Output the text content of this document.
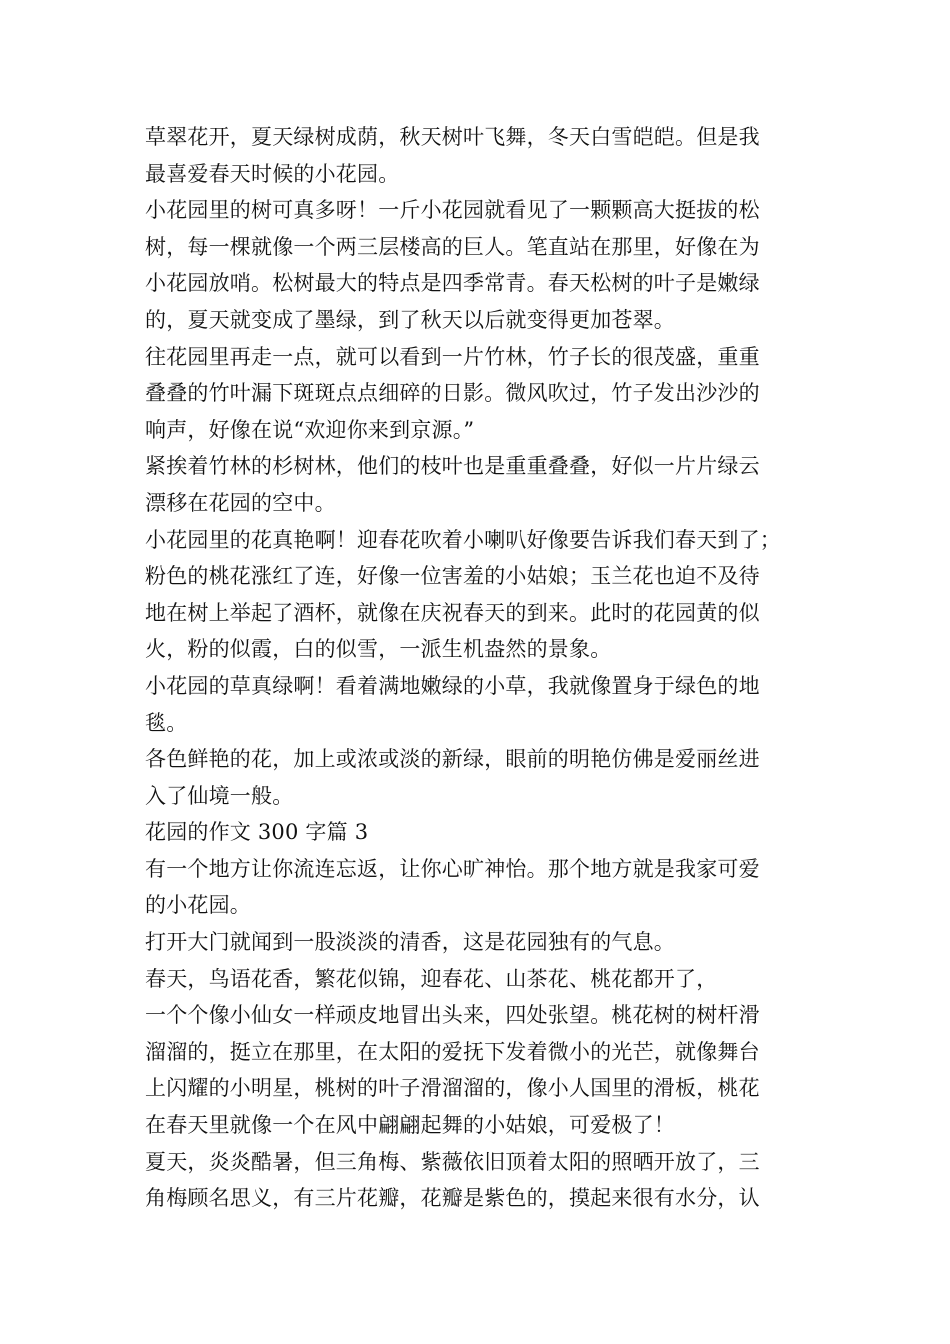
草翠花开，夏天绿树成荫，秋天树叶飞舞，冬天白雪皑皑。但是我
最喜爱春天时候的小花园。
小花园里的树可真多呀！一斤小花园就看见了一颗颗高大挺拔的松
树，每一棵就像一个两三层楼高的巨人。笔直站在那里，好像在为
小花园放哨。松树最大的特点是四季常青。春天松树的叶子是嫩绿
的，夏天就变成了墨绿，到了秋天以后就变得更加苍翠。
往花园里再走一点，就可以看到一片竹林，竹子长的很茂盛，重重
叠叠的竹叶漏下斑斑点点细碎的日影。微风吹过，竹子发出沙沙的
响声，好像在说“欢迎你来到京源。”
紧挨着竹林的杉树林，他们的枝叶也是重重叠叠，好似一片片绿云
漂移在花园的空中。
小花园里的花真艳啊！迎春花吹着小喇叭好像要告诉我们春天到了；
粉色的桃花涨红了连，好像一位害羞的小姑娘；玉兰花也迫不及待
地在树上举起了酒杯，就像在庆祝春天的到来。此时的花园黄的似
火，粉的似霞，白的似雪，一派生机盎然的景象。
小花园的草真绿啊！看着满地嫩绿的小草，我就像置身于绿色的地
毯。
各色鲜艳的花，加上或浓或淡的新绿，眼前的明艳仿佛是爱丽丝进
入了仙境一般。
花园的作文 300 字篇 3
有一个地方让你流连忘返，让你心旷神怡。那个地方就是我家可爱
的小花园。
打开大门就闻到一股淡淡的清香，这是花园独有的气息。
春天，鸟语花香，繁花似锦，迎春花、山茶花、桃花都开了，
一个个像小仙女一样顽皮地冒出头来，四处张望。桃花树的树杆滑
溜溜的，挺立在那里，在太阳的爱抚下发着微小的光芒，就像舞台
上闪耀的小明星，桃树的叶子滑溜溜的，像小人国里的滑板，桃花
在春天里就像一个在风中翩翩起舞的小姑娘，可爱极了！
夏天，炎炎酷暑，但三角梅、紫薇依旧顶着太阳的照晒开放了，三
角梅顾名思义，有三片花瓣，花瓣是紫色的，摸起来很有水分，认
